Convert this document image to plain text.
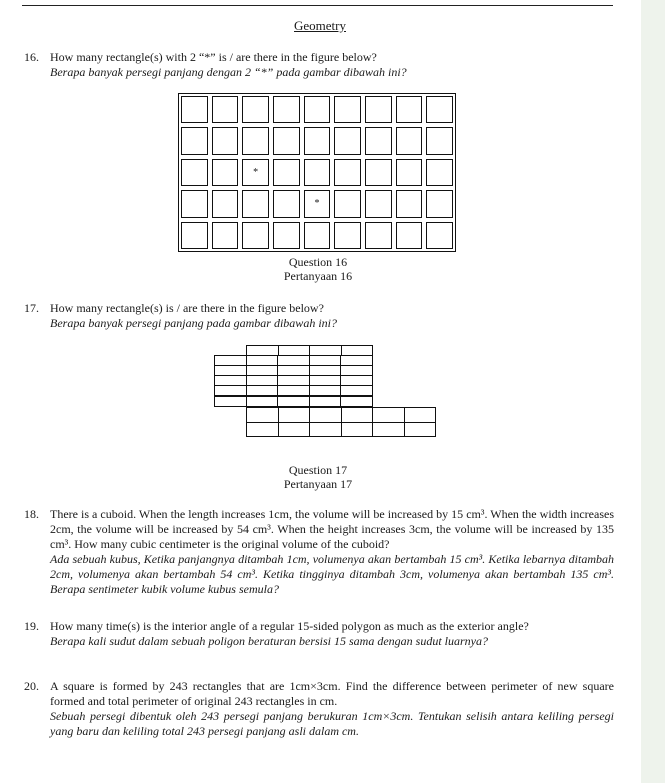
Geometry
16. How many rectangle(s) with 2 “*” is / are there in the figure below?
Berapa banyak persegi panjang dengan 2 “*” pada gambar dibawah ini?
*
*
Question 16
Pertanyaan 16
17. How many rectangle(s) is / are there in the figure below?
Berapa banyak persegi panjang pada gambar dibawah ini?
Question 17
Pertanyaan 17
18. There is a cuboid. When the length increases 1cm, the volume will be increased by 15 cm³. When the width increases 2cm, the volume will be increased by 54 cm³. When the height increases 3cm, the volume will be increased by 135 cm³. How many cubic centimeter is the original volume of the cuboid?
Ada sebuah kubus, Ketika panjangnya ditambah 1cm, volumenya akan bertambah 15 cm³. Ketika lebarnya ditambah 2cm, volumenya akan bertambah 54 cm³. Ketika tingginya ditambah 3cm, volumenya akan bertambah 135 cm³. Berapa sentimeter kubik volume kubus semula?
19. How many time(s) is the interior angle of a regular 15-sided polygon as much as the exterior angle?
Berapa kali sudut dalam sebuah poligon beraturan bersisi 15 sama dengan sudut luarnya?
20. A square is formed by 243 rectangles that are 1cm×3cm. Find the difference between perimeter of new square formed and total perimeter of original 243 rectangles in cm.
Sebuah persegi dibentuk oleh 243 persegi panjang berukuran 1cm×3cm. Tentukan selisih antara keliling persegi yang baru dan keliling total 243 persegi panjang asli dalam cm.
